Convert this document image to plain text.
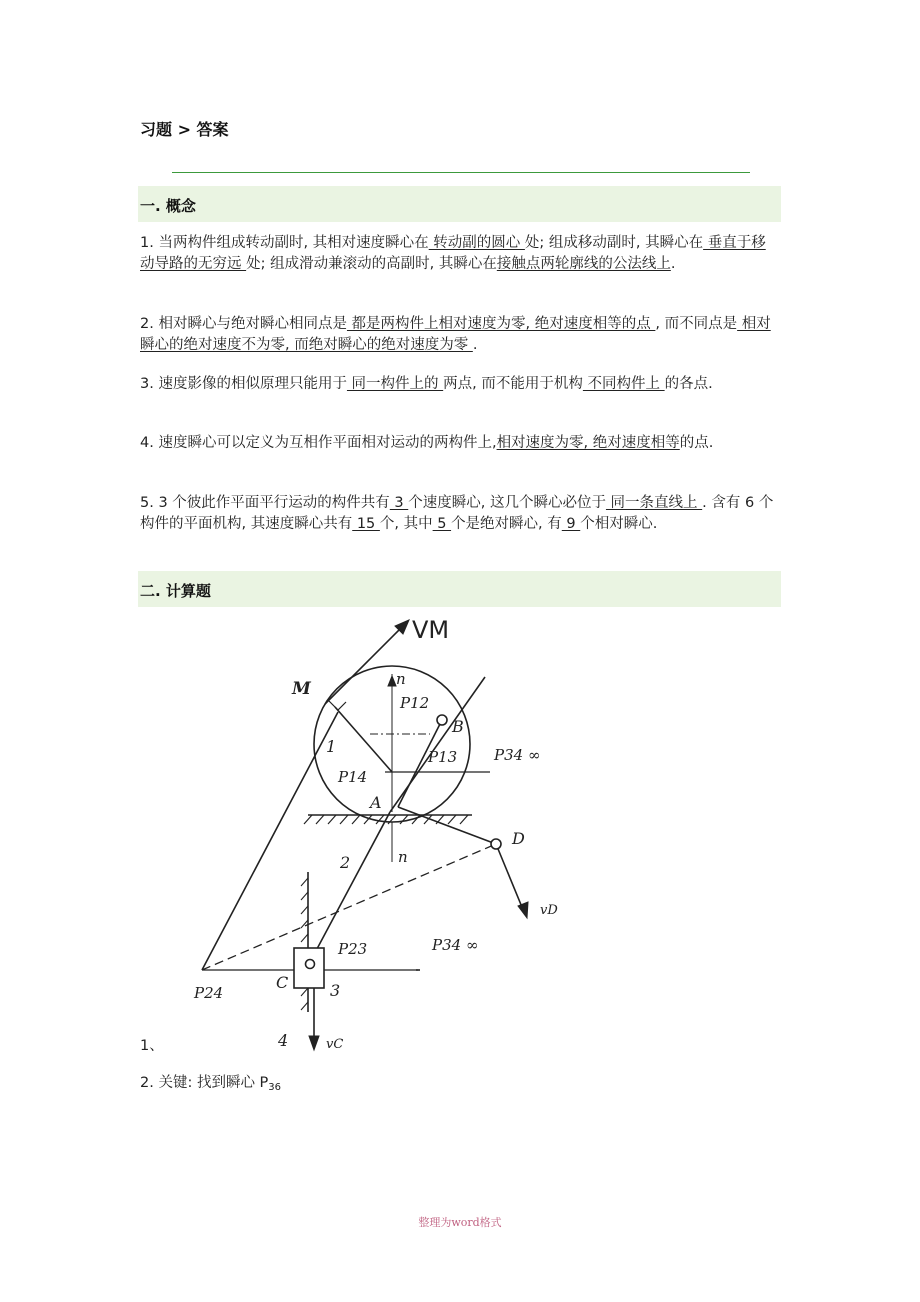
习题 > 答案
一. 概念
1. 当两构件组成转动副时, 其相对速度瞬心在 转动副的圆心 处; 组成移动副时, 其瞬心在 垂直于移动导路的无穷远 处; 组成滑动兼滚动的高副时, 其瞬心在接触点两轮廓线的公法线上.
2. 相对瞬心与绝对瞬心相同点是 都是两构件上相对速度为零, 绝对速度相等的点 , 而不同点是 相对瞬心的绝对速度不为零, 而绝对瞬心的绝对速度为零 .
3. 速度影像的相似原理只能用于 同一构件上的 两点, 而不能用于机构 不同构件上 的各点.
4. 速度瞬心可以定义为互相作平面相对运动的两构件上,相对速度为零, 绝对速度相等的点.
5. 3 个彼此作平面平行运动的构件共有 3 个速度瞬心, 这几个瞬心必位于 同一条直线上 . 含有 6 个构件的平面机构, 其速度瞬心共有 15 个, 其中 5 个是绝对瞬心, 有 9 个相对瞬心.
二. 计算题
VM
M	n
P12
B
1
P13 P34 ∞
P14
A
D
2	n
vD
P23	P34 ∞
P24
C	3
4	vC
1、
2. 关键: 找到瞬心 $P_{36}$
整理为word格式
